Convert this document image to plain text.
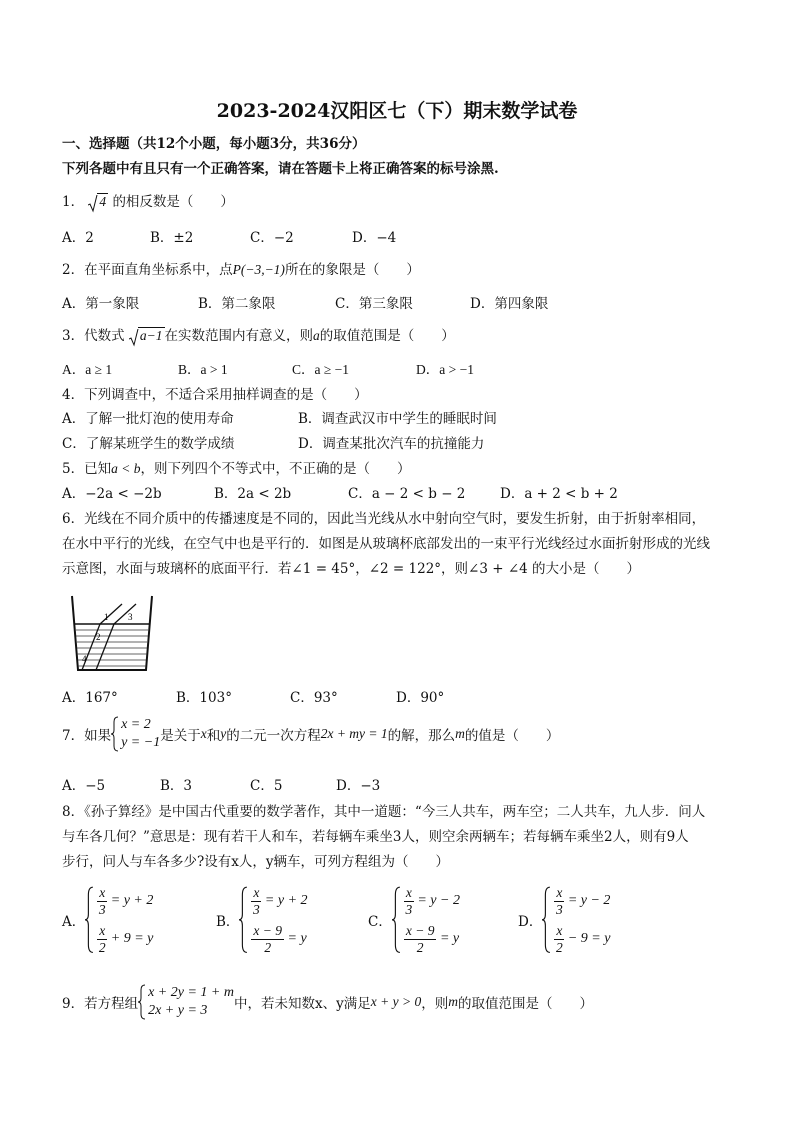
2023-2024汉阳区七（下）期末数学试卷
一、选择题（共12个小题，每小题3分，共36分）
下列各题中有且只有一个正确答案，请在答题卡上将正确答案的标号涂黑.
1． 4 的相反数是（　　）
A．2	B．±2	C．−2	D．−4
2．在平面直角坐标系中，点P(−3,−1)所在的象限是（　　）
A．第一象限	B．第二象限	C．第三象限	D．第四象限
3．代数式 a−1 在实数范围内有意义，则a的取值范围是（　　）
A．a ≥ 1	B．a > 1	C．a ≥ −1	D．a > −1
4．下列调查中，不适合采用抽样调查的是（　　）
A．了解一批灯泡的使用寿命	B．调查武汉市中学生的睡眠时间
C．了解某班学生的数学成绩	D．调查某批次汽车的抗撞能力
5．已知a < b，则下列四个不等式中，不正确的是（　　）
A．−2a < −2b	B．2a < 2b	C．a − 2 < b − 2	D．a + 2 < b + 2
6．光线在不同介质中的传播速度是不同的，因此当光线从水中射向空气时，要发生折射，由于折射率相同，
在水中平行的光线，在空气中也是平行的．如图是从玻璃杯底部发出的一束平行光线经过水面折射形成的光线
示意图，水面与玻璃杯的底面平行．若∠1 = 45°，∠2 = 122°，则∠3 + ∠4 的大小是（　　）
1 3
2
4
A．167°	B．103°	C．93°	D．90°
7．如果
x = 2
y = −1 是关于 x 和 y 的二元一次方程 2x + my = 1 的解，那么 m 的值是（　　）
A．−5	B．3	C．5	D．−3
8．《孙子算经》是中国古代重要的数学著作，其中一道题：“今三人共车，两车空；二人共车，九人步．问人
与车各几何？”意思是：现有若干人和车，若每辆车乘坐3人，则空余两辆车；若每辆车乘坐2人，则有9人
步行，问人与车各多少?设有x人，y辆车，可列方程组为（　　）
A．
$\frac{x}{3}$
= y + 2
$\frac{x}{2}$
+ 9 = y
B．
$\frac{x}{3}$
= y + 2
$\frac{x - 9}{2}$
= y
C．
$\frac{x}{3}$
= y − 2
$\frac{x - 9}{2}$
= y
D．
$\frac{x}{3}$
= y − 2
$\frac{x}{2}$
− 9 = y
9．若方程组
x + 2y = 1 + m
2x + y = 3	中，若未知数x、y满足 x + y > 0 ，则 m 的取值范围是（　　）
